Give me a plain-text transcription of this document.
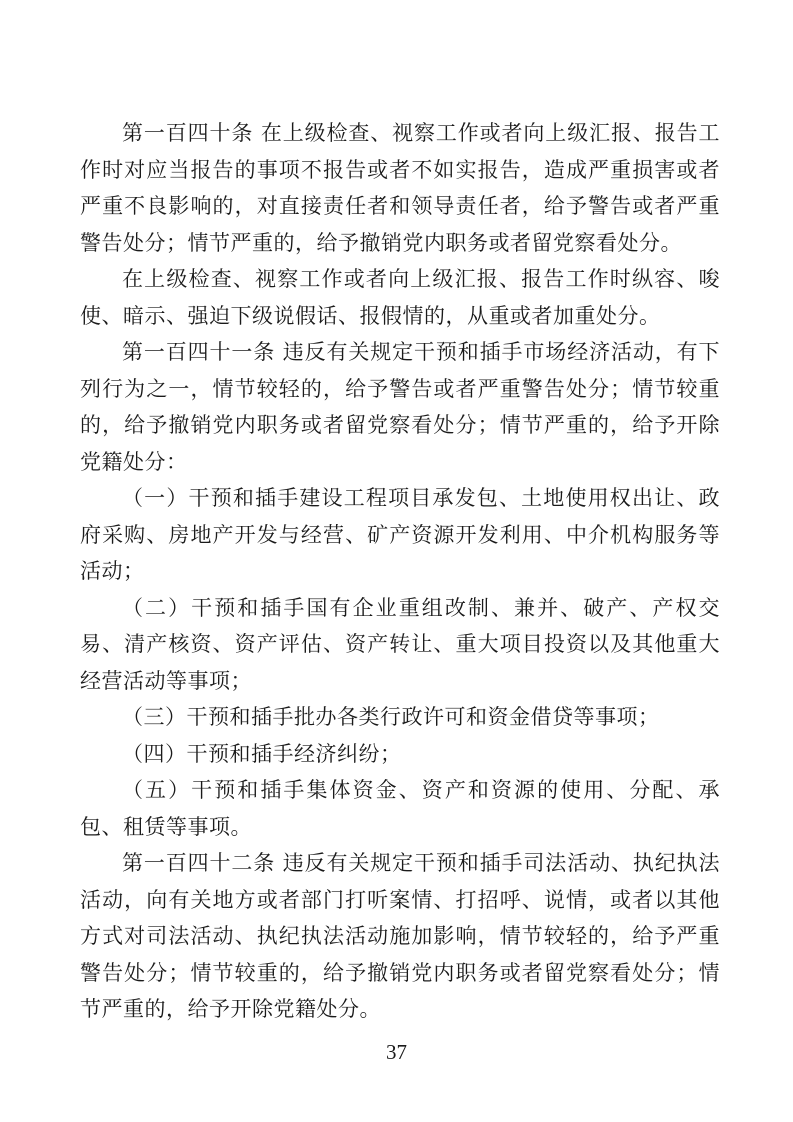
第一百四十条 在上级检查、视察工作或者向上级汇报、报告工作时对应当报告的事项不报告或者不如实报告，造成严重损害或者严重不良影响的，对直接责任者和领导责任者，给予警告或者严重警告处分；情节严重的，给予撤销党内职务或者留党察看处分。

在上级检查、视察工作或者向上级汇报、报告工作时纵容、唆使、暗示、强迫下级说假话、报假情的，从重或者加重处分。

第一百四十一条 违反有关规定干预和插手市场经济活动，有下列行为之一，情节较轻的，给予警告或者严重警告处分；情节较重的，给予撤销党内职务或者留党察看处分；情节严重的，给予开除党籍处分：

（一）干预和插手建设工程项目承发包、土地使用权出让、政府采购、房地产开发与经营、矿产资源开发利用、中介机构服务等活动；

（二）干预和插手国有企业重组改制、兼并、破产、产权交易、清产核资、资产评估、资产转让、重大项目投资以及其他重大经营活动等事项；

（三）干预和插手批办各类行政许可和资金借贷等事项；

（四）干预和插手经济纠纷；

（五）干预和插手集体资金、资产和资源的使用、分配、承包、租赁等事项。

第一百四十二条 违反有关规定干预和插手司法活动、执纪执法活动，向有关地方或者部门打听案情、打招呼、说情，或者以其他方式对司法活动、执纪执法活动施加影响，情节较轻的，给予严重警告处分；情节较重的，给予撤销党内职务或者留党察看处分；情节严重的，给予开除党籍处分。

37
